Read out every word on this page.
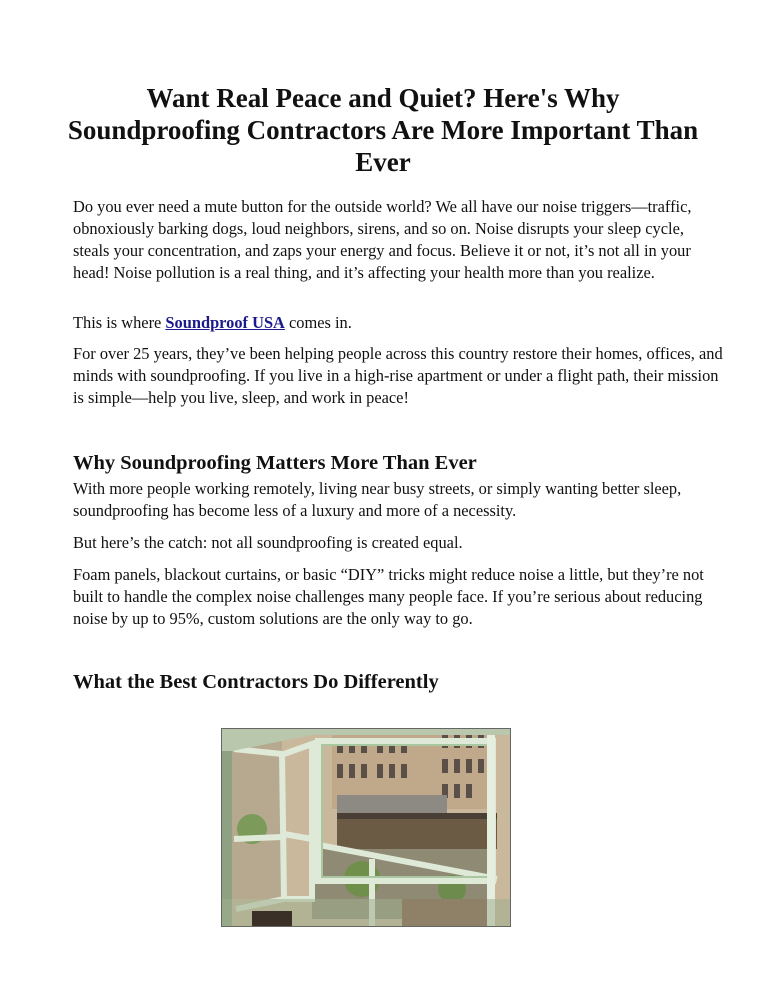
Want Real Peace and Quiet? Here's Why Soundproofing Contractors Are More Important Than Ever

Do you ever need a mute button for the outside world? We all have our noise triggers—traffic, obnoxiously barking dogs, loud neighbors, sirens, and so on. Noise disrupts your sleep cycle, steals your concentration, and zaps your energy and focus. Believe it or not, it’s not all in your head! Noise pollution is a real thing, and it’s affecting your health more than you realize.

This is where Soundproof USA comes in.

For over 25 years, they’ve been helping people across this country restore their homes, offices, and minds with soundproofing. If you live in a high-rise apartment or under a flight path, their mission is simple—help you live, sleep, and work in peace!

Why Soundproofing Matters More Than Ever

With more people working remotely, living near busy streets, or simply wanting better sleep, soundproofing has become less of a luxury and more of a necessity.

But here’s the catch: not all soundproofing is created equal.

Foam panels, blackout curtains, or basic “DIY” tricks might reduce noise a little, but they’re not built to handle the complex noise challenges many people face. If you’re serious about reducing noise by up to 95%, custom solutions are the only way to go.

What the Best Contractors Do Differently
